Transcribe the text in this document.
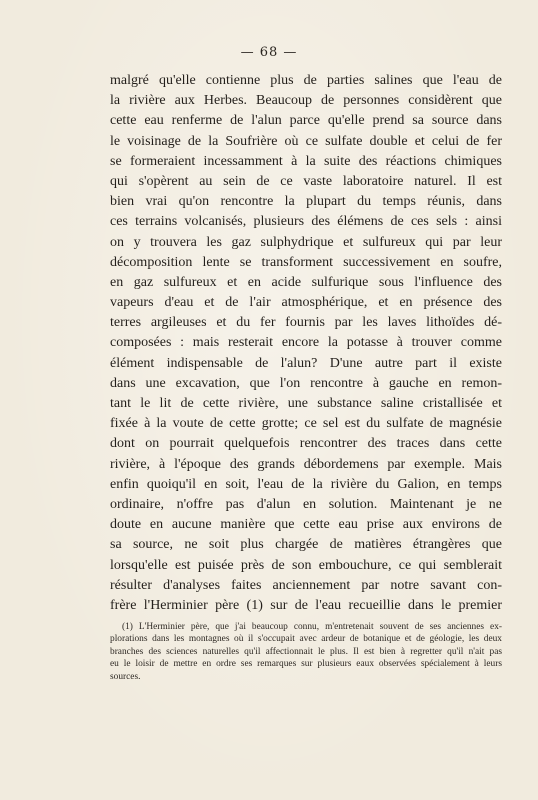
— 68 —
malgré qu'elle contienne plus de parties salines que l'eau de
la rivière aux Herbes. Beaucoup de personnes considèrent que
cette eau renferme de l'alun parce qu'elle prend sa source dans
le voisinage de la Soufrière où ce sulfate double et celui de fer
se formeraient incessamment à la suite des réactions chimiques
qui s'opèrent au sein de ce vaste laboratoire naturel. Il est
bien vrai qu'on rencontre la plupart du temps réunis, dans
ces terrains volcanisés, plusieurs des élémens de ces sels : ainsi
on y trouvera les gaz sulphydrique et sulfureux qui par leur
décomposition lente se transforment successivement en soufre,
en gaz sulfureux et en acide sulfurique sous l'influence des
vapeurs d'eau et de l'air atmosphérique, et en présence des
terres argileuses et du fer fournis par les laves lithoïdes dé-
composées : mais resterait encore la potasse à trouver comme
élément indispensable de l'alun? D'une autre part il existe
dans une excavation, que l'on rencontre à gauche en remon-
tant le lit de cette rivière, une substance saline cristallisée et
fixée à la voute de cette grotte; ce sel est du sulfate de magnésie
dont on pourrait quelquefois rencontrer des traces dans cette
rivière, à l'époque des grands débordemens par exemple. Mais
enfin quoiqu'il en soit, l'eau de la rivière du Galion, en temps
ordinaire, n'offre pas d'alun en solution. Maintenant je ne
doute en aucune manière que cette eau prise aux environs de
sa source, ne soit plus chargée de matières étrangères que
lorsqu'elle est puisée près de son embouchure, ce qui semblerait
résulter d'analyses faites anciennement par notre savant con-
frère l'Herminier père (1) sur de l'eau recueillie dans le premier
(1) L'Herminier père, que j'ai beaucoup connu, m'entretenait souvent de ses anciennes ex-
plorations dans les montagnes où il s'occupait avec ardeur de botanique et de géologie, les deux
branches des sciences naturelles qu'il affectionnait le plus. Il est bien à regretter qu'il n'ait pas
eu le loisir de mettre en ordre ses remarques sur plusieurs eaux observées spécialement à leurs
sources.
